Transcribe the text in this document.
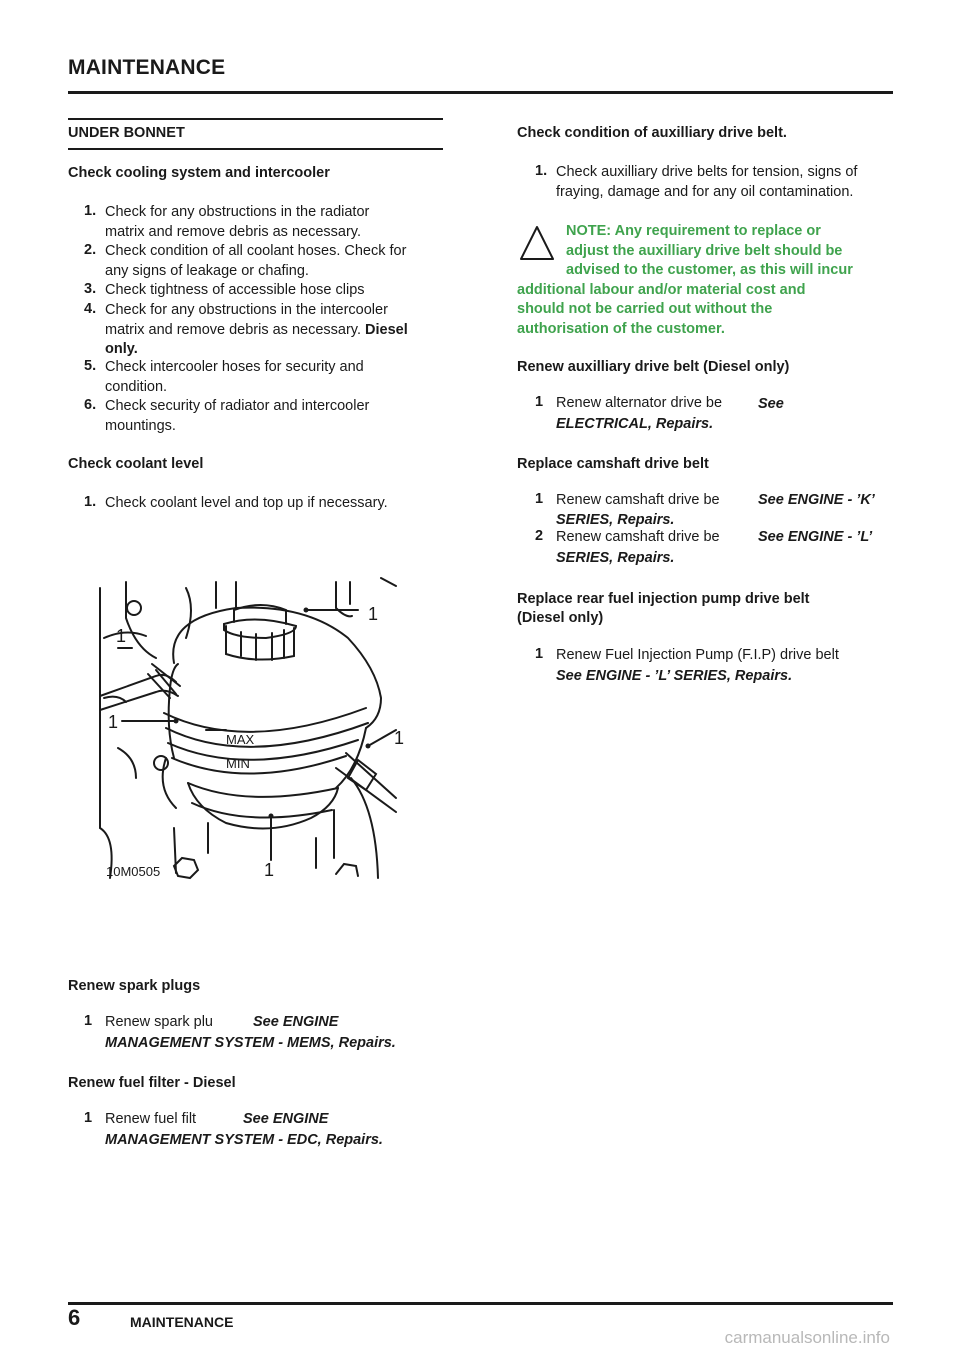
MAINTENANCE
UNDER BONNET
Check cooling system and intercooler
1. Check for any obstructions in the radiator
matrix and remove debris as necessary.
2. Check condition of all coolant hoses. Check for
any signs of leakage or chafing.
3. Check tightness of accessible hose clips
4. Check for any obstructions in the intercooler
matrix and remove debris as necessary. Diesel
only.
5. Check intercooler hoses for security and
condition.
6. Check security of radiator and intercooler
mountings.
Check coolant level
1. Check coolant level and top up if necessary.
MAX
MIN
1
1
1
1
1
10M0505
Renew spark plugs
1 Renew spark plu	See ENGINE
MANAGEMENT SYSTEM - MEMS, Repairs.
Renew fuel filter - Diesel
1 Renew fuel filt	See ENGINE
MANAGEMENT SYSTEM - EDC, Repairs.
Check condition of auxilliary drive belt.
1. Check auxilliary drive belts for tension, signs of
fraying, damage and for any oil contamination.
NOTE: Any requirement to replace or
adjust the auxilliary drive belt should be
advised to the customer, as this will incur
additional labour and/or material cost and
should not be carried out without the
authorisation of the customer.
Renew auxilliary drive belt (Diesel only)
1 Renew alternator drive be	See
ELECTRICAL, Repairs.
Replace camshaft drive belt
1 Renew camshaft drive be	See ENGINE - ’K’
SERIES, Repairs.
2 Renew camshaft drive be	See ENGINE - ’L’
SERIES, Repairs.
Replace rear fuel injection pump drive belt
(Diesel only)
1 Renew Fuel Injection Pump (F.I.P) drive belt
See ENGINE - ’L’ SERIES, Repairs.
6	MAINTENANCE
carmanualsonline.info
